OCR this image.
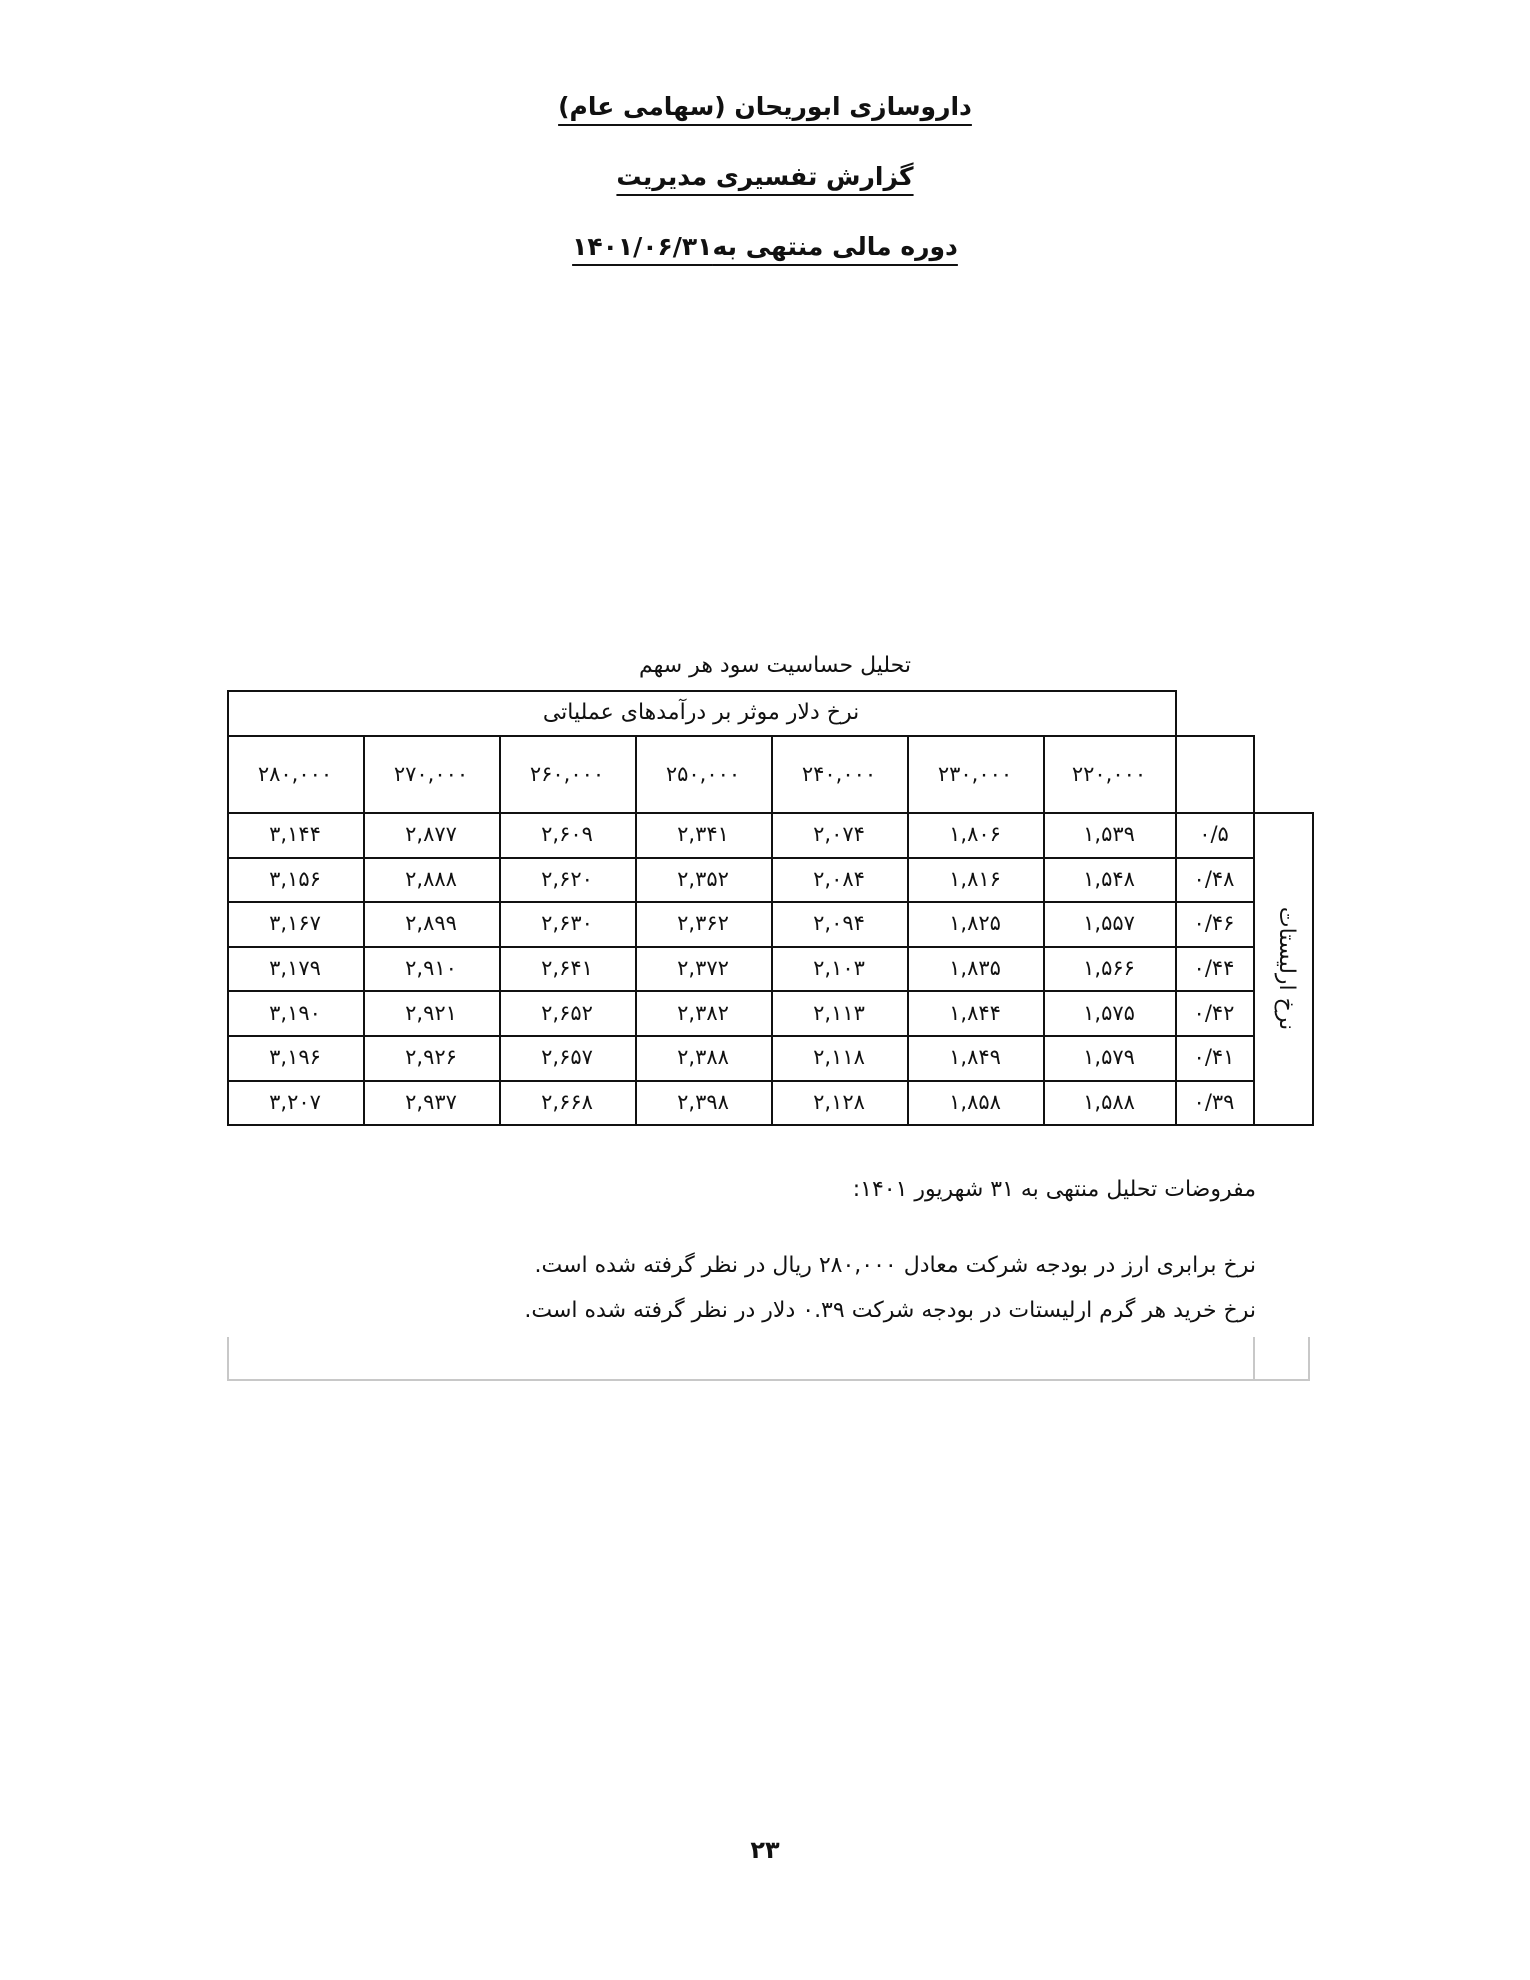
داروسازی ابوریحان (سهامی عام)
گزارش تفسیری مدیریت
دوره مالی منتهی به۱۴۰۱/۰۶/۳۱
تحلیل حساسیت سود هر سهم
نرخ دلار موثر بر درآمدهای عملیاتی
۲۲۰,۰۰۰
۲۳۰,۰۰۰
۲۴۰,۰۰۰
۲۵۰,۰۰۰
۲۶۰,۰۰۰
۲۷۰,۰۰۰
۲۸۰,۰۰۰
۰/۵
۱,۵۳۹
۱,۸۰۶
۲,۰۷۴
۲,۳۴۱
۲,۶۰۹
۲,۸۷۷
۳,۱۴۴
۰/۴۸
۱,۵۴۸
۱,۸۱۶
۲,۰۸۴
۲,۳۵۲
۲,۶۲۰
۲,۸۸۸
۳,۱۵۶
۰/۴۶
۱,۵۵۷
۱,۸۲۵
۲,۰۹۴
۲,۳۶۲
۲,۶۳۰
۲,۸۹۹
۳,۱۶۷
۰/۴۴
۱,۵۶۶
۱,۸۳۵
۲,۱۰۳
۲,۳۷۲
۲,۶۴۱
۲,۹۱۰
۳,۱۷۹
۰/۴۲
۱,۵۷۵
۱,۸۴۴
۲,۱۱۳
۲,۳۸۲
۲,۶۵۲
۲,۹۲۱
۳,۱۹۰
۰/۴۱
۱,۵۷۹
۱,۸۴۹
۲,۱۱۸
۲,۳۸۸
۲,۶۵۷
۲,۹۲۶
۳,۱۹۶
۰/۳۹
۱,۵۸۸
۱,۸۵۸
۲,۱۲۸
۲,۳۹۸
۲,۶۶۸
۲,۹۳۷
۳,۲۰۷
نرخ ارلیستات
مفروضات تحلیل منتهی به ۳۱ شهریور ۱۴۰۱:
نرخ برابری ارز در بودجه شرکت معادل ۲۸۰,۰۰۰ ریال در نظر گرفته شده است.
نرخ خرید هر گرم ارلیستات در بودجه شرکت ۰.۳۹ دلار در نظر گرفته شده است.
۲۳
